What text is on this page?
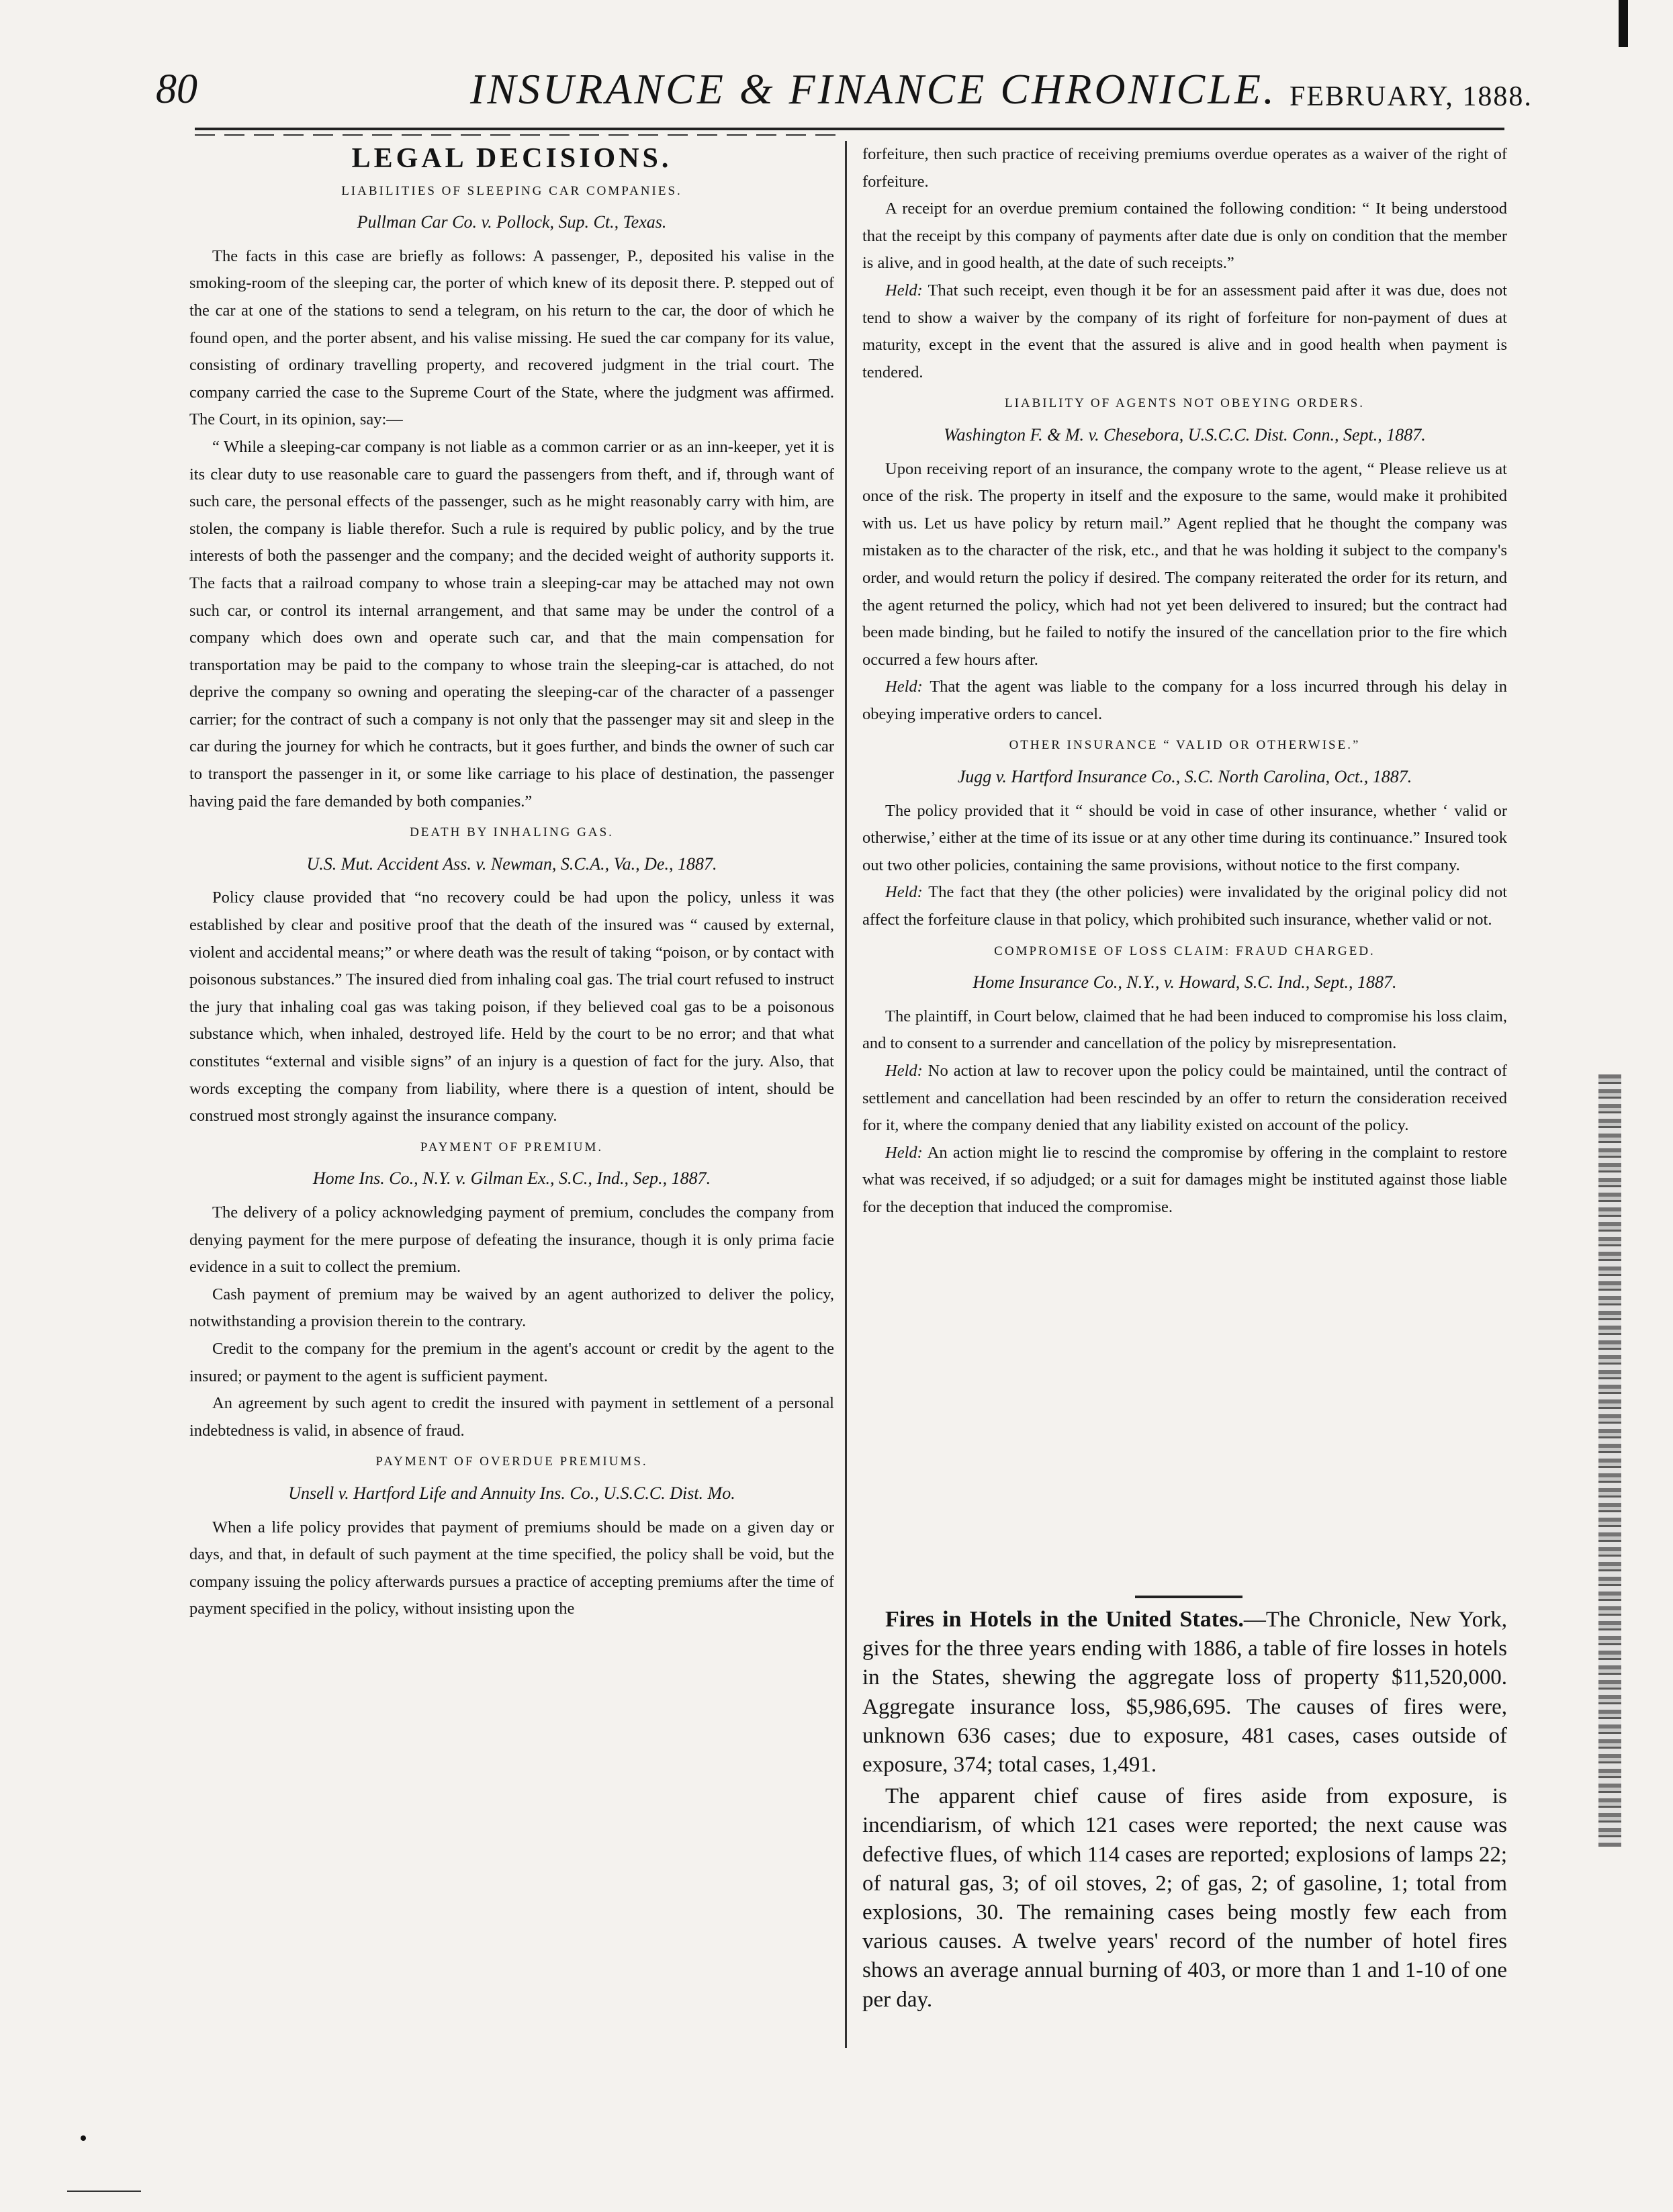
80	INSURANCE & FINANCE CHRONICLE. FEBRUARY, 1888.
LEGAL DECISIONS.
LIABILITIES OF SLEEPING CAR COMPANIES.
Pullman Car Co. v. Pollock, Sup. Ct., Texas.

The facts in this case are briefly as follows: A passenger, P., deposited his valise in the smoking-room of the sleeping car, the porter of which knew of its deposit there. P. stepped out of the car at one of the stations to send a telegram, on his return to the car, the door of which he found open, and the porter absent, and his valise missing. He sued the car company for its value, consisting of ordinary travelling property, and recovered judgment in the trial court. The company carried the case to the Supreme Court of the State, where the judgment was affirmed. The Court, in its opinion, say:—

“ While a sleeping-car company is not liable as a common carrier or as an inn-keeper, yet it is its clear duty to use reasonable care to guard the passengers from theft, and if, through want of such care, the personal effects of the passenger, such as he might reasonably carry with him, are stolen, the company is liable therefor. Such a rule is required by public policy, and by the true interests of both the passenger and the company; and the decided weight of authority supports it. The facts that a railroad company to whose train a sleeping-car may be attached may not own such car, or control its internal arrangement, and that same may be under the control of a company which does own and operate such car, and that the main compensation for transportation may be paid to the company to whose train the sleeping-car is attached, do not deprive the company so owning and operating the sleeping-car of the character of a passenger carrier; for the contract of such a company is not only that the passenger may sit and sleep in the car during the journey for which he contracts, but it goes further, and binds the owner of such car to transport the passenger in it, or some like carriage to his place of destination, the passenger having paid the fare demanded by both companies.”

DEATH BY INHALING GAS.
U.S. Mut. Accident Ass. v. Newman, S.C.A., Va., De., 1887.

Policy clause provided that “no recovery could be had upon the policy, unless it was established by clear and positive proof that the death of the insured was “ caused by external, violent and accidental means;” or where death was the result of taking “poison, or by contact with poisonous substances.” The insured died from inhaling coal gas. The trial court refused to instruct the jury that inhaling coal gas was taking poison, if they believed coal gas to be a poisonous substance which, when inhaled, destroyed life. Held by the court to be no error; and that what constitutes “external and visible signs” of an injury is a question of fact for the jury. Also, that words excepting the company from liability, where there is a question of intent, should be construed most strongly against the insurance company.

PAYMENT OF PREMIUM.
Home Ins. Co., N.Y. v. Gilman Ex., S.C., Ind., Sep., 1887.

The delivery of a policy acknowledging payment of premium, concludes the company from denying payment for the mere purpose of defeating the insurance, though it is only prima facie evidence in a suit to collect the premium.

Cash payment of premium may be waived by an agent authorized to deliver the policy, notwithstanding a provision therein to the contrary.

Credit to the company for the premium in the agent's account or credit by the agent to the insured; or payment to the agent is sufficient payment.

An agreement by such agent to credit the insured with payment in settlement of a personal indebtedness is valid, in absence of fraud.

PAYMENT OF OVERDUE PREMIUMS.
Unsell v. Hartford Life and Annuity Ins. Co., U.S.C.C. Dist. Mo.

When a life policy provides that payment of premiums should be made on a given day or days, and that, in default of such payment at the time specified, the policy shall be void, but the company issuing the policy afterwards pursues a practice of accepting premiums after the time of payment specified in the policy, without insisting upon the

forfeiture, then such practice of receiving premiums overdue operates as a waiver of the right of forfeiture.

A receipt for an overdue premium contained the following condition: “ It being understood that the receipt by this company of payments after date due is only on condition that the member is alive, and in good health, at the date of such receipts.”

Held: That such receipt, even though it be for an assessment paid after it was due, does not tend to show a waiver by the company of its right of forfeiture for non-payment of dues at maturity, except in the event that the assured is alive and in good health when payment is tendered.

LIABILITY OF AGENTS NOT OBEYING ORDERS.
Washington F. & M. v. Chesebora, U.S.C.C. Dist. Conn., Sept., 1887.

Upon receiving report of an insurance, the company wrote to the agent, “ Please relieve us at once of the risk. The property in itself and the exposure to the same, would make it prohibited with us. Let us have policy by return mail.” Agent replied that he thought the company was mistaken as to the character of the risk, etc., and that he was holding it subject to the company's order, and would return the policy if desired. The company reiterated the order for its return, and the agent returned the policy, which had not yet been delivered to insured; but the contract had been made binding, but he failed to notify the insured of the cancellation prior to the fire which occurred a few hours after.

Held: That the agent was liable to the company for a loss incurred through his delay in obeying imperative orders to cancel.

OTHER INSURANCE “ VALID OR OTHERWISE.”
Jugg v. Hartford Insurance Co., S.C. North Carolina, Oct., 1887.

The policy provided that it “ should be void in case of other insurance, whether ‘ valid or otherwise,’ either at the time of its issue or at any other time during its continuance.” Insured took out two other policies, containing the same provisions, without notice to the first company.

Held: The fact that they (the other policies) were invalidated by the original policy did not affect the forfeiture clause in that policy, which prohibited such insurance, whether valid or not.

COMPROMISE OF LOSS CLAIM: FRAUD CHARGED.
Home Insurance Co., N.Y., v. Howard, S.C. Ind., Sept., 1887.

The plaintiff, in Court below, claimed that he had been induced to compromise his loss claim, and to consent to a surrender and cancellation of the policy by misrepresentation.

Held: No action at law to recover upon the policy could be maintained, until the contract of settlement and cancellation had been rescinded by an offer to return the consideration received for it, where the company denied that any liability existed on account of the policy.

Held: An action might lie to rescind the compromise by offering in the complaint to restore what was received, if so adjudged; or a suit for damages might be instituted against those liable for the deception that induced the compromise.

Fires in Hotels in the United States.—The Chronicle, New York, gives for the three years ending with 1886, a table of fire losses in hotels in the States, shewing the aggregate loss of property $11,520,000. Aggregate insurance loss, $5,986,695. The causes of fires were, unknown 636 cases; due to exposure, 481 cases, cases outside of exposure, 374; total cases, 1,491.

The apparent chief cause of fires aside from exposure, is incendiarism, of which 121 cases were reported; the next cause was defective flues, of which 114 cases are reported; explosions of lamps 22; of natural gas, 3; of oil stoves, 2; of gas, 2; of gasoline, 1; total from explosions, 30. The remaining cases being mostly few each from various causes. A twelve years' record of the number of hotel fires shows an average annual burning of 403, or more than 1 and 1-10 of one per day.
